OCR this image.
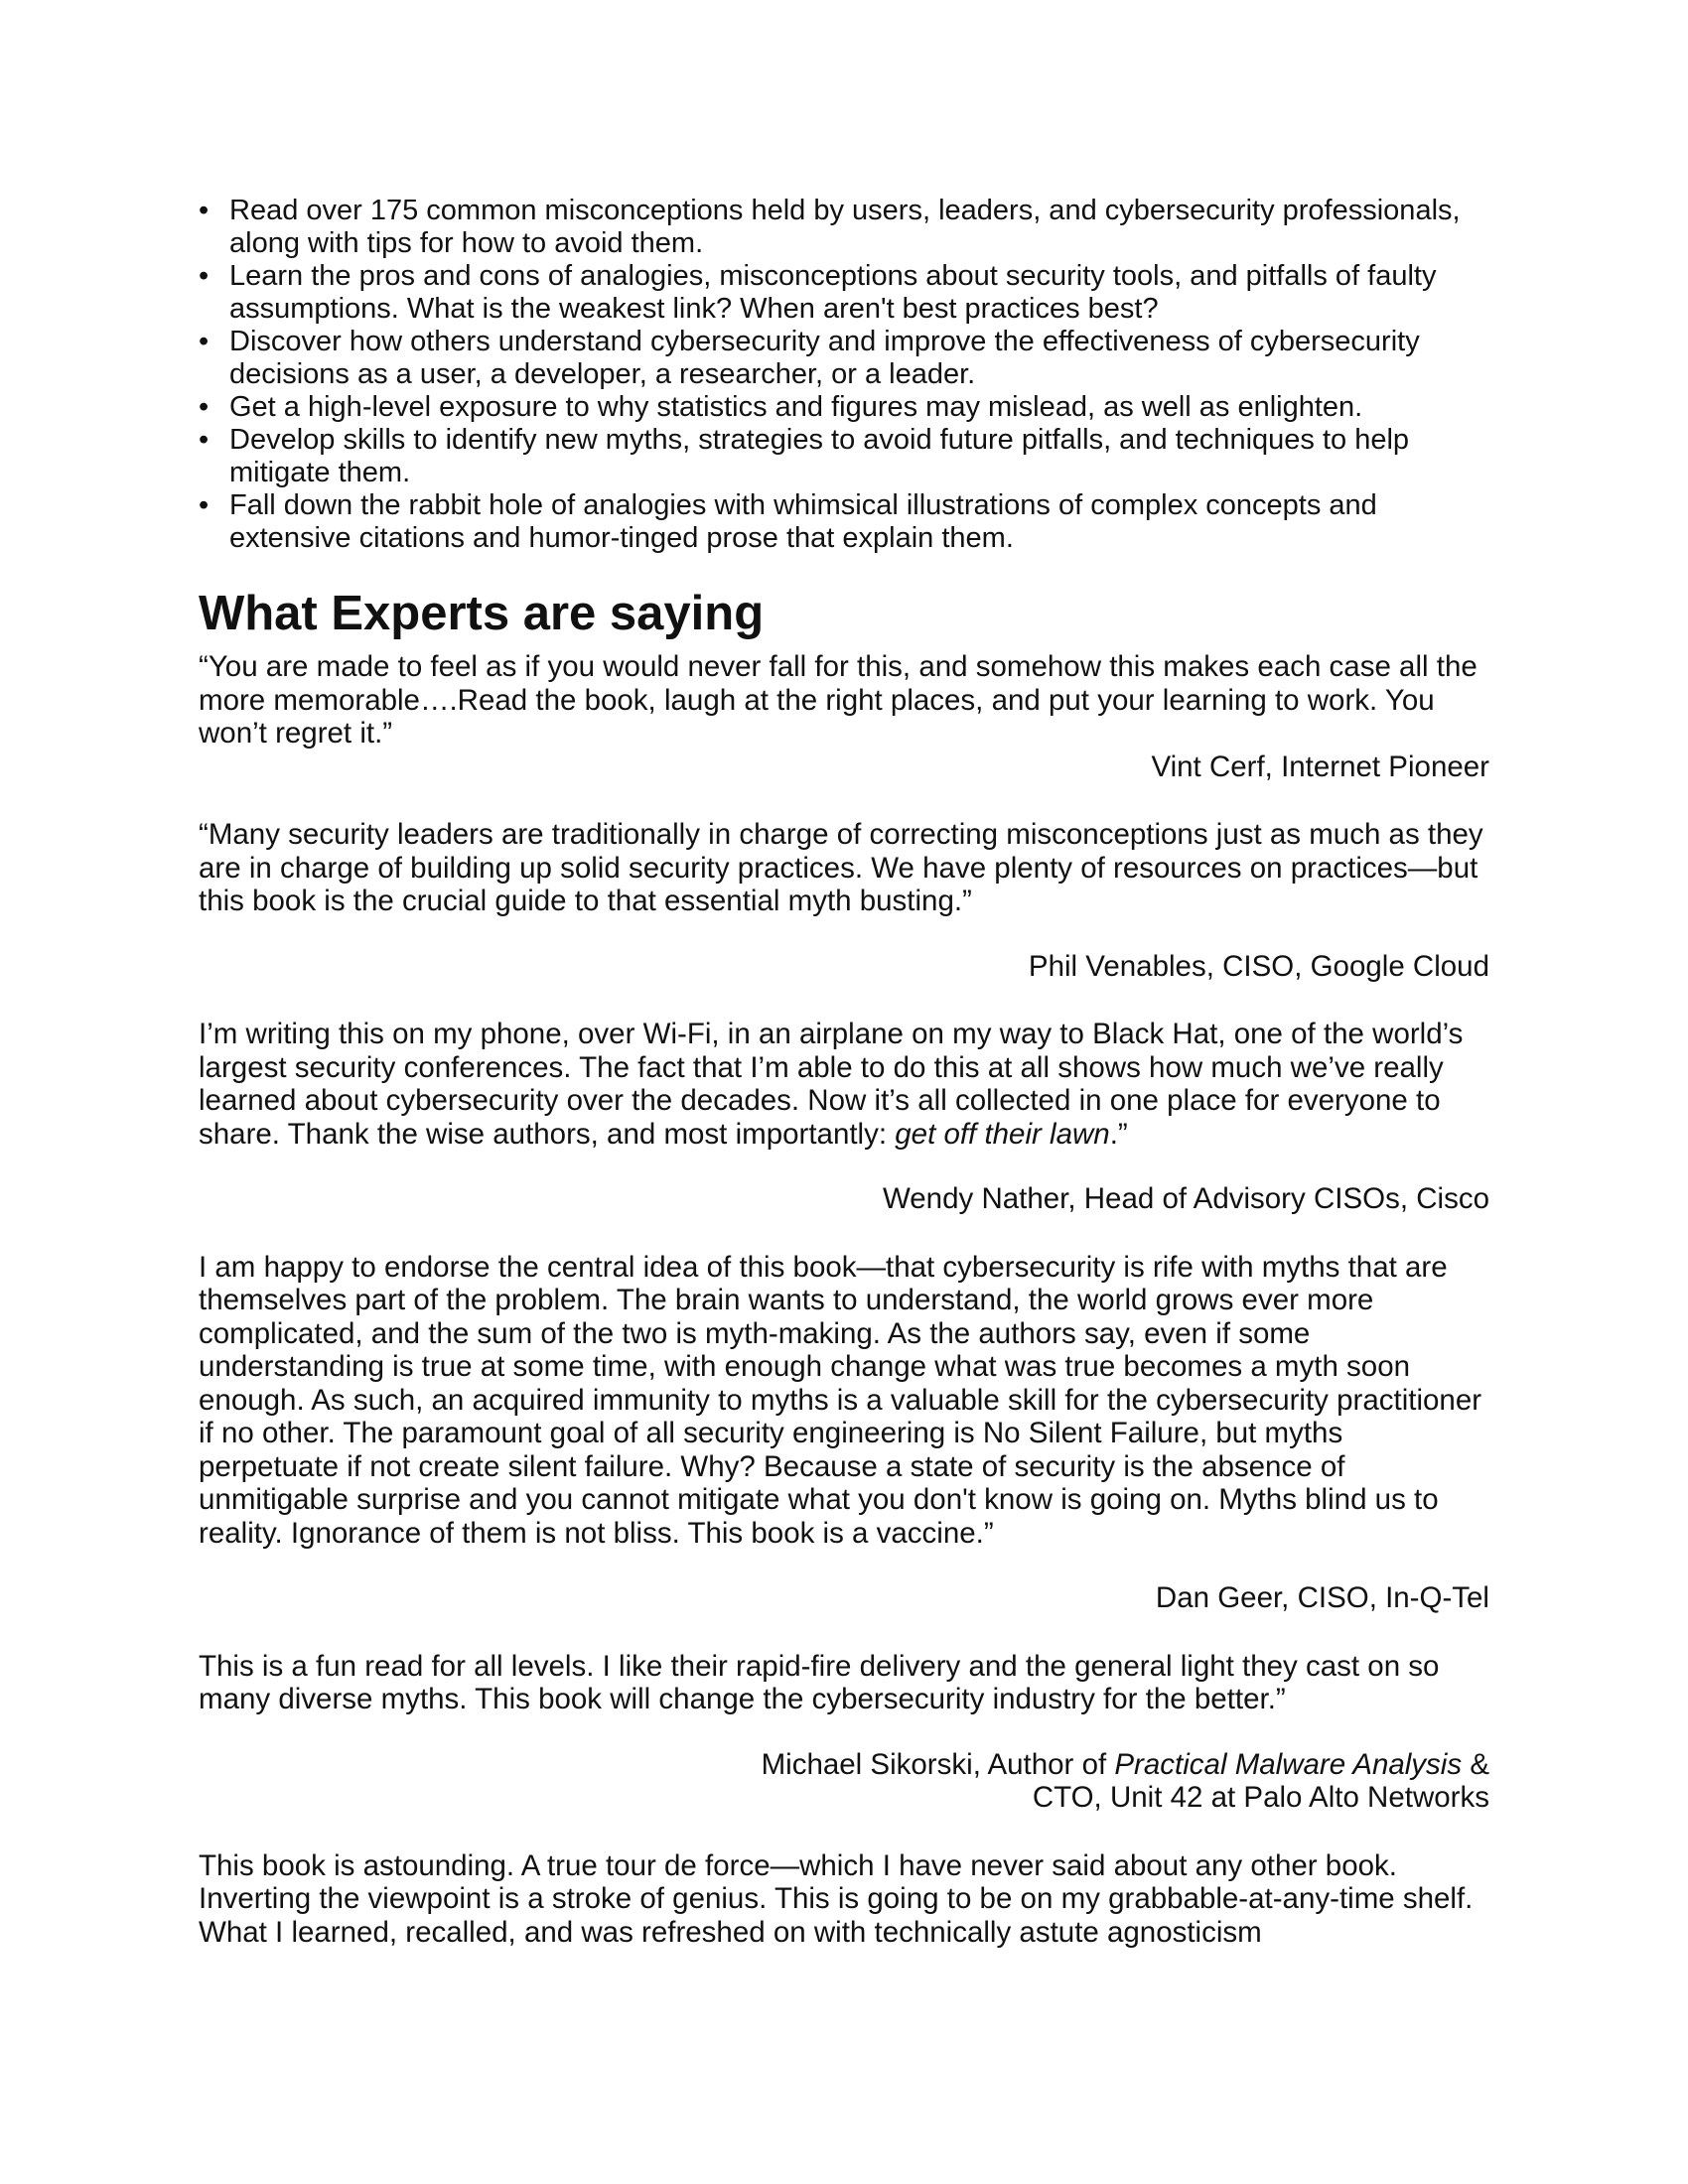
• Read over 175 common misconceptions held by users, leaders, and cybersecurity professionals, along with tips for how to avoid them.
• Learn the pros and cons of analogies, misconceptions about security tools, and pitfalls of faulty assumptions. What is the weakest link? When aren't best practices best?
• Discover how others understand cybersecurity and improve the effectiveness of cybersecurity decisions as a user, a developer, a researcher, or a leader.
• Get a high-level exposure to why statistics and figures may mislead, as well as enlighten.
• Develop skills to identify new myths, strategies to avoid future pitfalls, and techniques to help mitigate them.
• Fall down the rabbit hole of analogies with whimsical illustrations of complex concepts and extensive citations and humor-tinged prose that explain them.
What Experts are saying

“You are made to feel as if you would never fall for this, and somehow this makes each case all the more memorable….Read the book, laugh at the right places, and put your learning to work. You won’t regret it.”

Vint Cerf, Internet Pioneer

“Many security leaders are traditionally in charge of correcting misconceptions just as much as they are in charge of building up solid security practices. We have plenty of resources on practices—but this book is the crucial guide to that essential myth busting.”

Phil Venables, CISO, Google Cloud

I’m writing this on my phone, over Wi-Fi, in an airplane on my way to Black Hat, one of the world’s largest security conferences. The fact that I’m able to do this at all shows how much we’ve really learned about cybersecurity over the decades. Now it’s all collected in one place for everyone to share. Thank the wise authors, and most importantly: get off their lawn.”

Wendy Nather, Head of Advisory CISOs, Cisco

I am happy to endorse the central idea of this book—that cybersecurity is rife with myths that are themselves part of the problem. The brain wants to understand, the world grows ever more complicated, and the sum of the two is myth-making. As the authors say, even if some understanding is true at some time, with enough change what was true becomes a myth soon enough. As such, an acquired immunity to myths is a valuable skill for the cybersecurity practitioner if no other. The paramount goal of all security engineering is No Silent Failure, but myths perpetuate if not create silent failure. Why? Because a state of security is the absence of unmitigable surprise and you cannot mitigate what you don't know is going on. Myths blind us to reality. Ignorance of them is not bliss. This book is a vaccine.”

Dan Geer, CISO, In-Q-Tel

This is a fun read for all levels. I like their rapid-fire delivery and the general light they cast on so many diverse myths. This book will change the cybersecurity industry for the better.”

Michael Sikorski, Author of Practical Malware Analysis &

CTO, Unit 42 at Palo Alto Networks

This book is astounding. A true tour de force—which I have never said about any other book. Inverting the viewpoint is a stroke of genius. This is going to be on my grabbable-at-any-time shelf. What I learned, recalled, and was refreshed on with technically astute agnosticism
